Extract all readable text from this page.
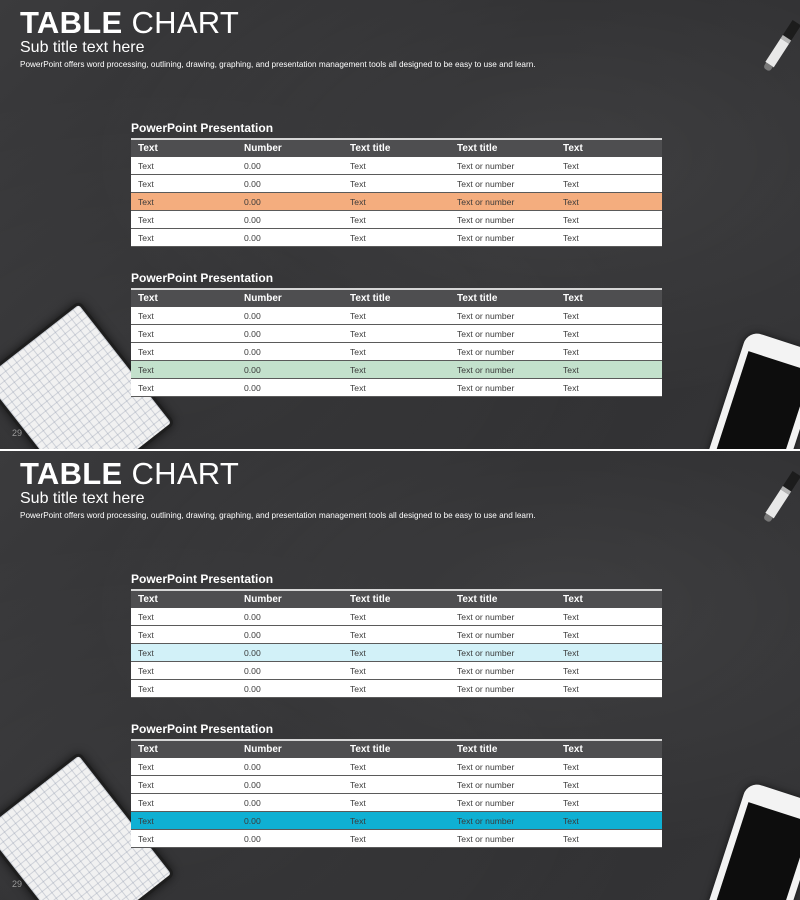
TABLE CHART
Sub title text here
PowerPoint offers word processing, outlining, drawing, graphing, and presentation management tools all designed to be easy to use and learn.
PowerPoint Presentation
Text	Number	Text title	Text title	Text
Text	0.00	Text	Text or number	Text
Text	0.00	Text	Text or number	Text
Text	0.00	Text	Text or number	Text
Text	0.00	Text	Text or number	Text
Text	0.00	Text	Text or number	Text
PowerPoint Presentation
Text	Number	Text title	Text title	Text
Text	0.00	Text	Text or number	Text
Text	0.00	Text	Text or number	Text
Text	0.00	Text	Text or number	Text
Text	0.00	Text	Text or number	Text
Text	0.00	Text	Text or number	Text
29
TABLE CHART
Sub title text here
PowerPoint offers word processing, outlining, drawing, graphing, and presentation management tools all designed to be easy to use and learn.
PowerPoint Presentation
Text	Number	Text title	Text title	Text
Text	0.00	Text	Text or number	Text
Text	0.00	Text	Text or number	Text
Text	0.00	Text	Text or number	Text
Text	0.00	Text	Text or number	Text
Text	0.00	Text	Text or number	Text
PowerPoint Presentation
Text	Number	Text title	Text title	Text
Text	0.00	Text	Text or number	Text
Text	0.00	Text	Text or number	Text
Text	0.00	Text	Text or number	Text
Text	0.00	Text	Text or number	Text
Text	0.00	Text	Text or number	Text
29
